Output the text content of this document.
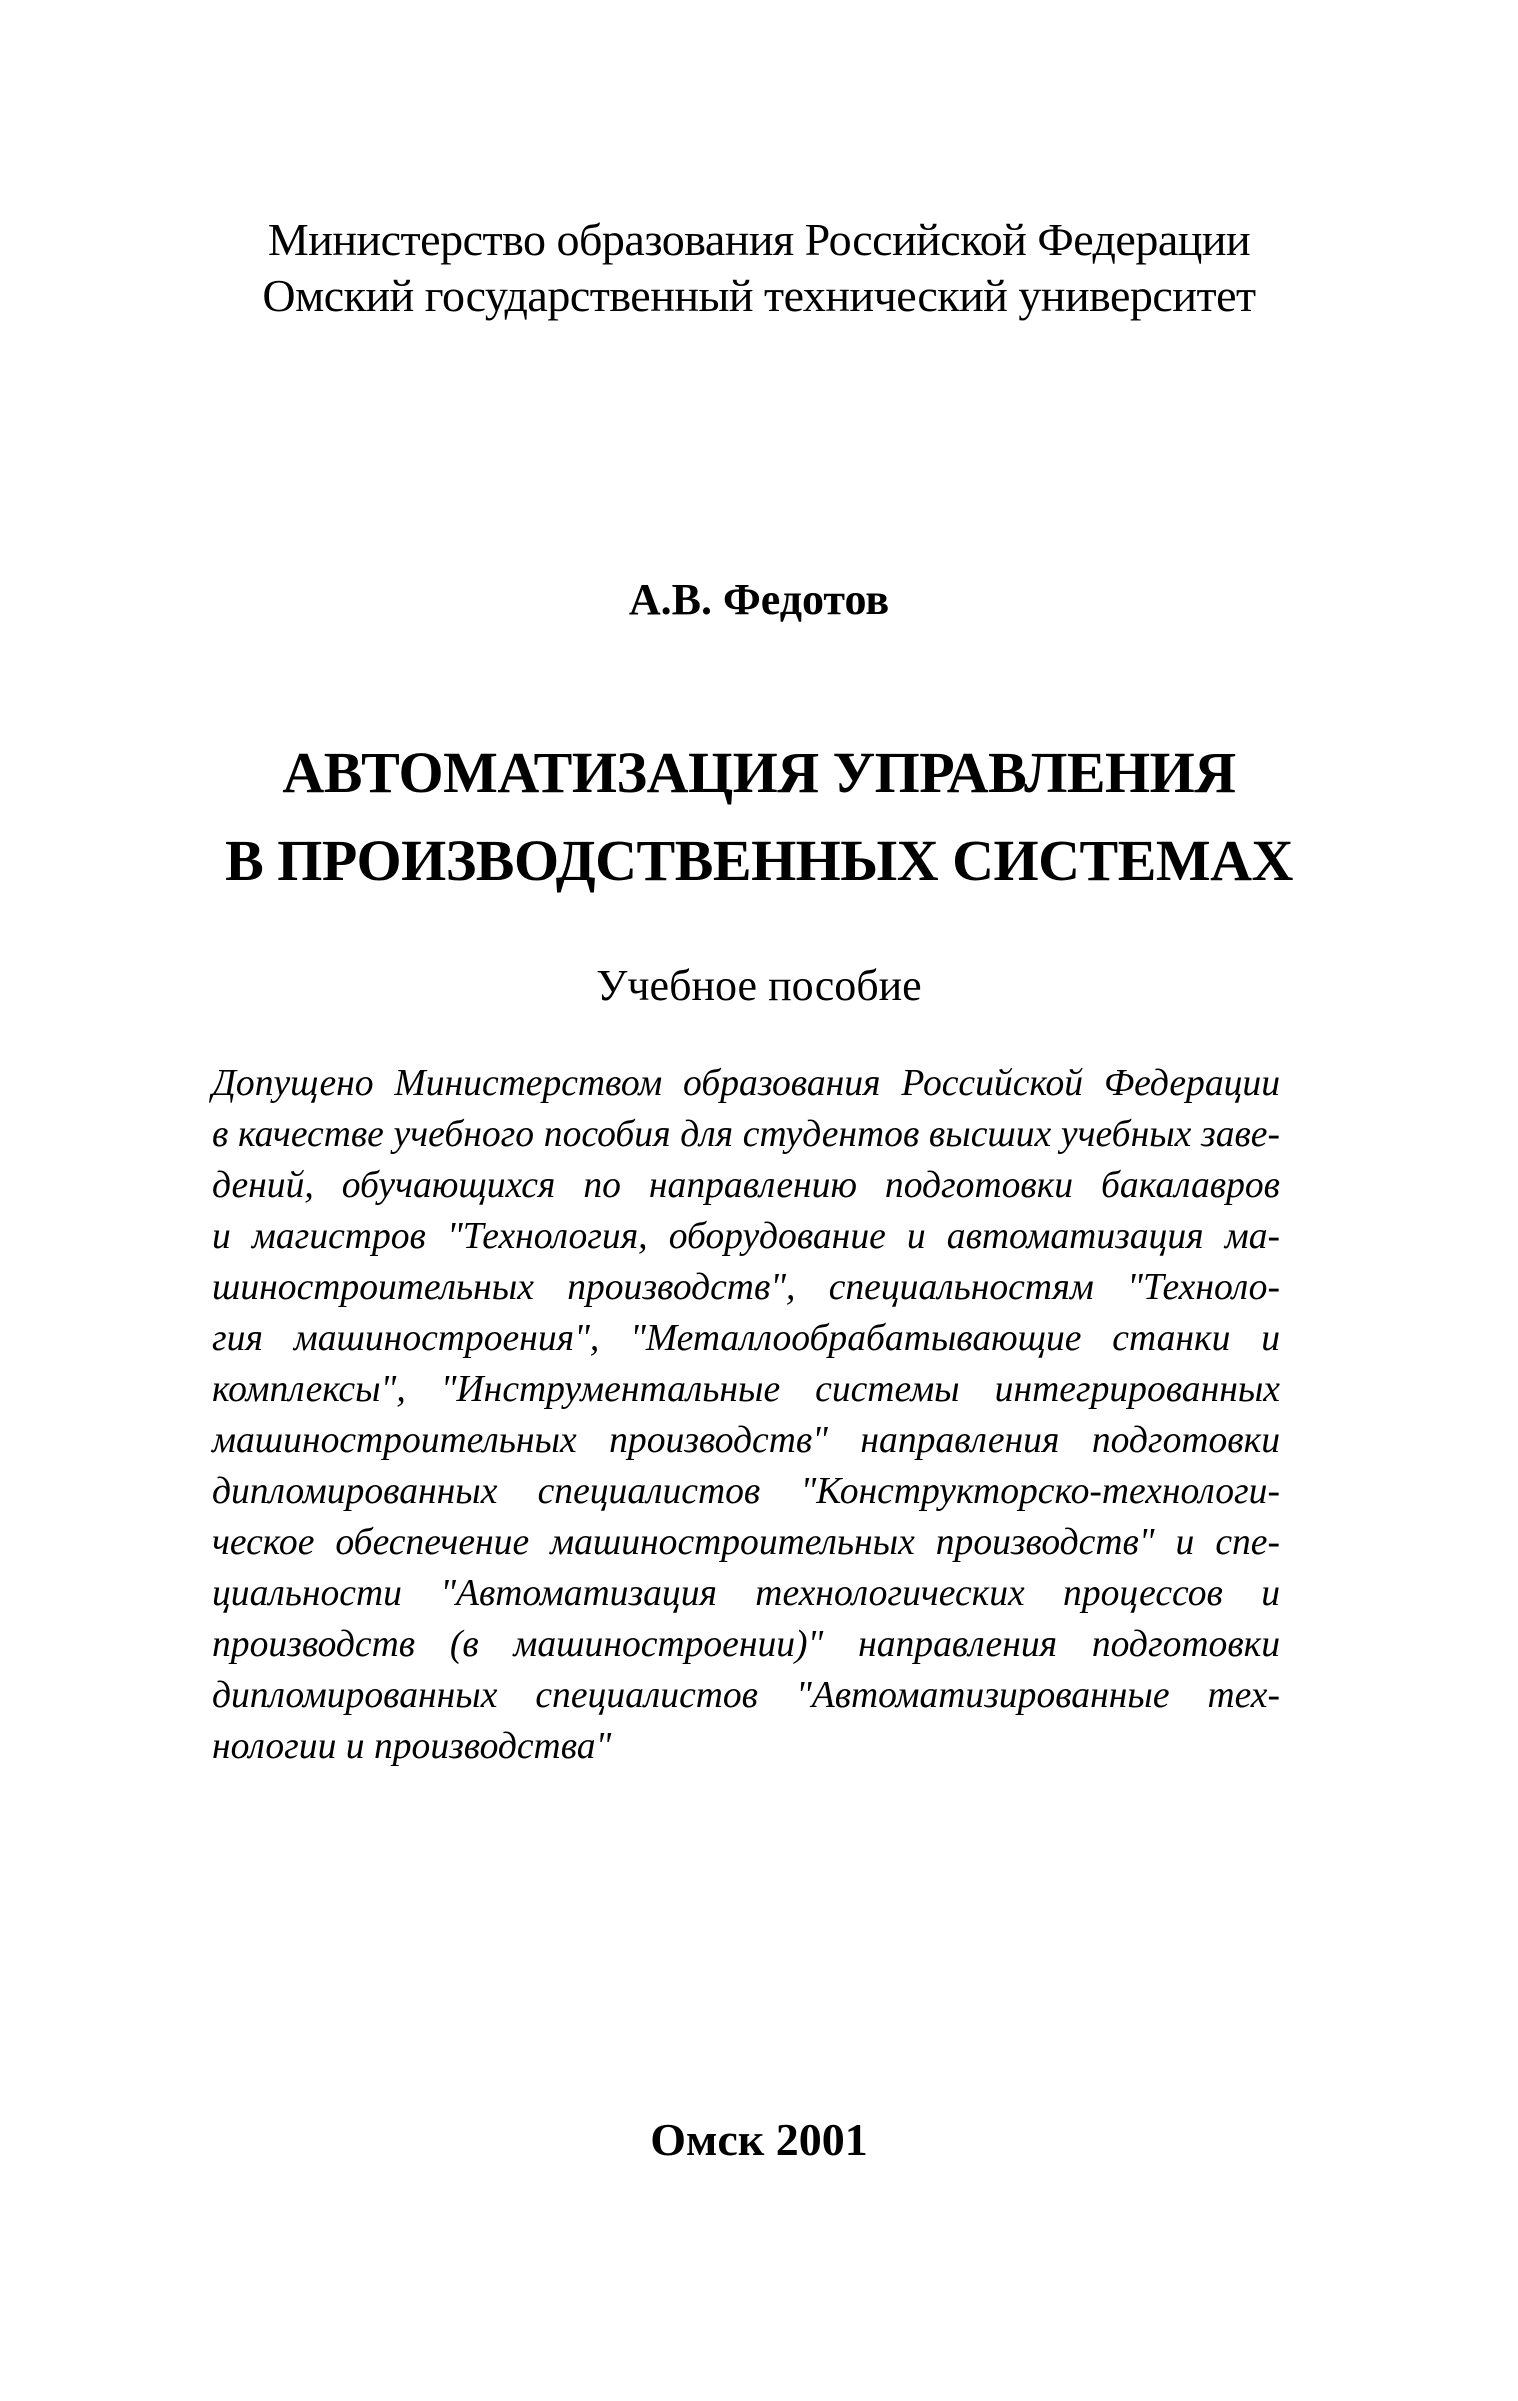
Министерство образования Российской Федерации
Омский государственный технический университет
А.В. Федотов
АВТОМАТИЗАЦИЯ УПРАВЛЕНИЯ
В ПРОИЗВОДСТВЕННЫХ СИСТЕМАХ
Учебное пособие
Допущено Министерством образования Российской Федерации
в качестве учебного пособия для студентов высших учебных заве-
дений, обучающихся по направлению подготовки бакалавров
и магистров "Технология, оборудование и автоматизация ма-
шиностроительных производств", специальностям "Техноло-
гия машиностроения", "Металлообрабатывающие станки и
комплексы", "Инструментальные системы интегрированных
машиностроительных производств" направления подготовки
дипломированных специалистов "Конструкторско-технологи-
ческое обеспечение машиностроительных производств" и спе-
циальности "Автоматизация технологических процессов и
производств (в машиностроении)" направления подготовки
дипломированных специалистов "Автоматизированные тех-
нологии и производства"
Омск 2001
